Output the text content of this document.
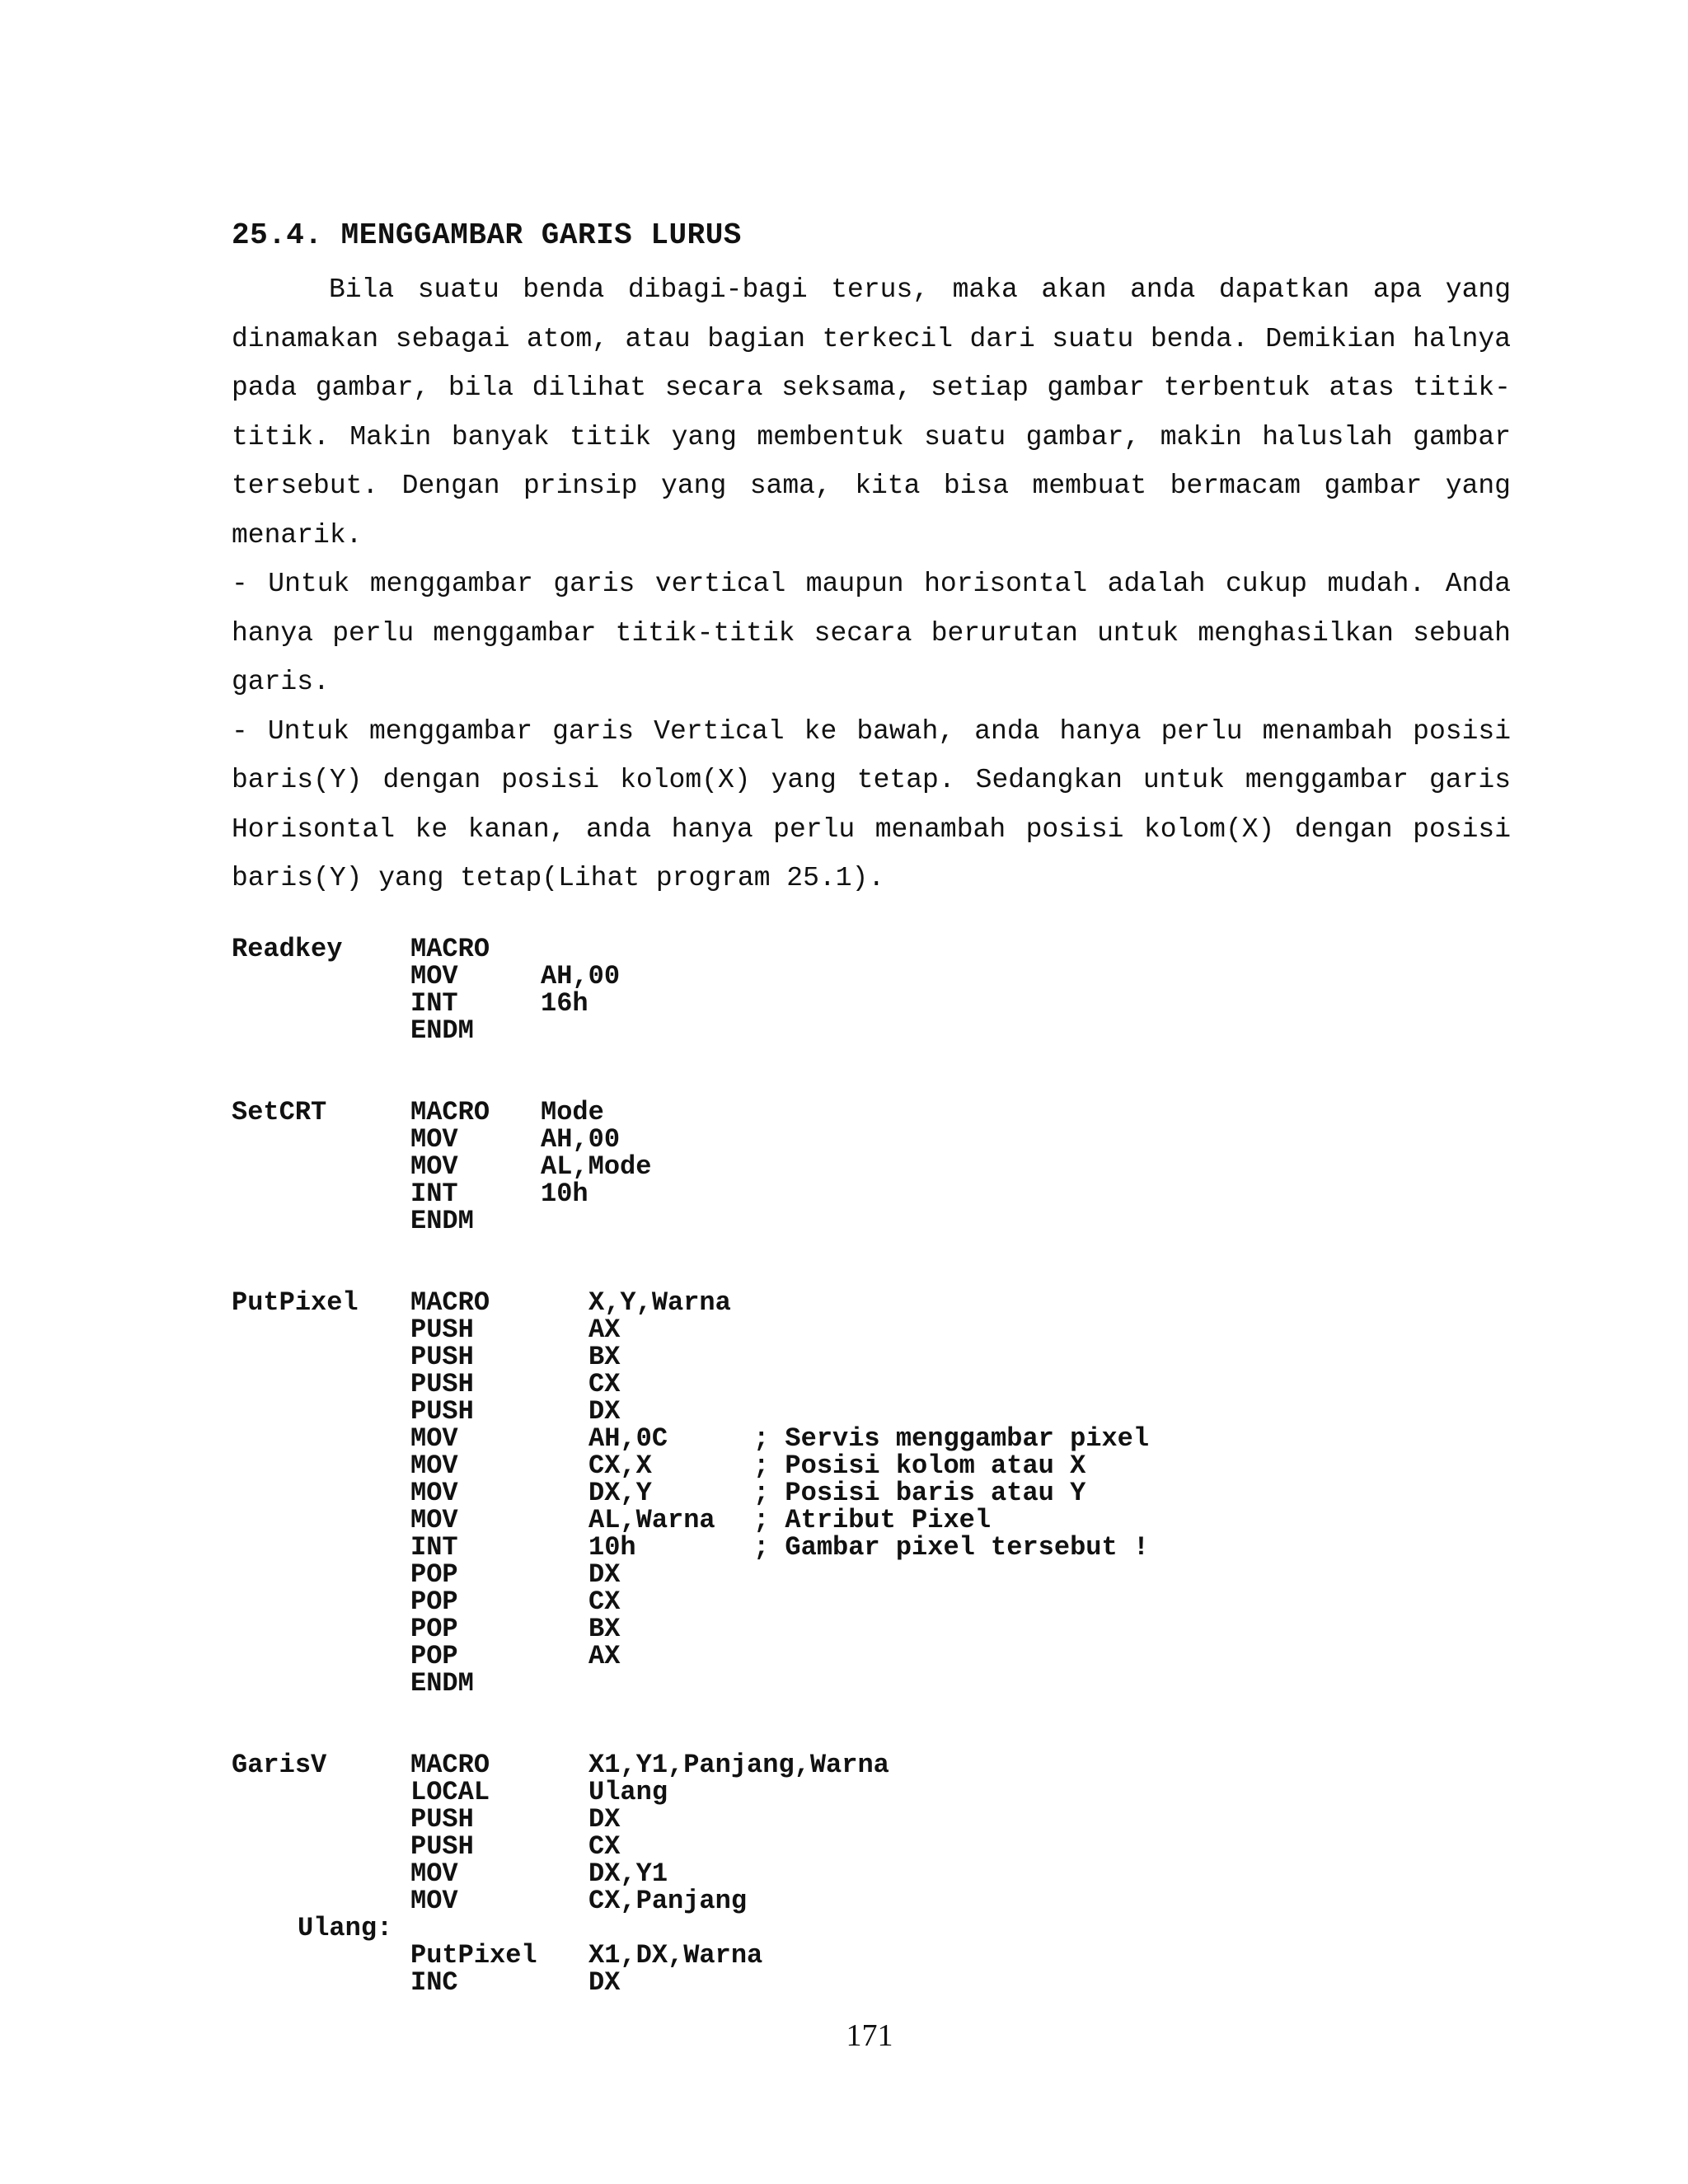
25.4. MENGGAMBAR GARIS LURUS

Bila suatu benda dibagi-bagi terus, maka akan anda dapatkan apa yang dinamakan sebagai atom, atau bagian terkecil dari suatu benda. Demikian halnya pada gambar, bila dilihat secara seksama, setiap gambar terbentuk atas titik-titik. Makin banyak titik yang membentuk suatu gambar, makin haluslah gambar tersebut. Dengan prinsip yang sama, kita bisa membuat bermacam gambar yang menarik.

- Untuk menggambar garis vertical maupun horisontal adalah cukup mudah. Anda hanya perlu menggambar titik-titik secara berurutan untuk menghasilkan sebuah garis.

- Untuk menggambar garis Vertical ke bawah, anda hanya perlu menambah posisi baris(Y) dengan posisi kolom(X) yang tetap. Sedangkan untuk menggambar garis Horisontal ke kanan, anda hanya perlu menambah posisi kolom(X) dengan posisi baris(Y) yang tetap(Lihat program 25.1).

Readkey	MACRO
MOV	AH,00
INT	16h
ENDM
SetCRT	MACRO Mode
MOV	AH,00
MOV	AL,Mode
INT	10h
ENDM
PutPixel MACRO	X,Y,Warna
PUSH	AX
PUSH	BX
PUSH	CX
PUSH	DX
MOV	AH,0C	; Servis menggambar pixel
MOV	CX,X	; Posisi kolom atau X
MOV	DX,Y	; Posisi baris atau Y
MOV	AL,Warna ; Atribut Pixel
INT	10h	; Gambar pixel tersebut !
POP	DX
POP	CX
POP	BX
POP	AX
ENDM
GarisV	MACRO	X1,Y1,Panjang,Warna
LOCAL	Ulang
PUSH	DX
PUSH	CX
MOV	DX,Y1
MOV	CX,Panjang
Ulang:
PutPixel X1,DX,Warna
INC	DX
171
